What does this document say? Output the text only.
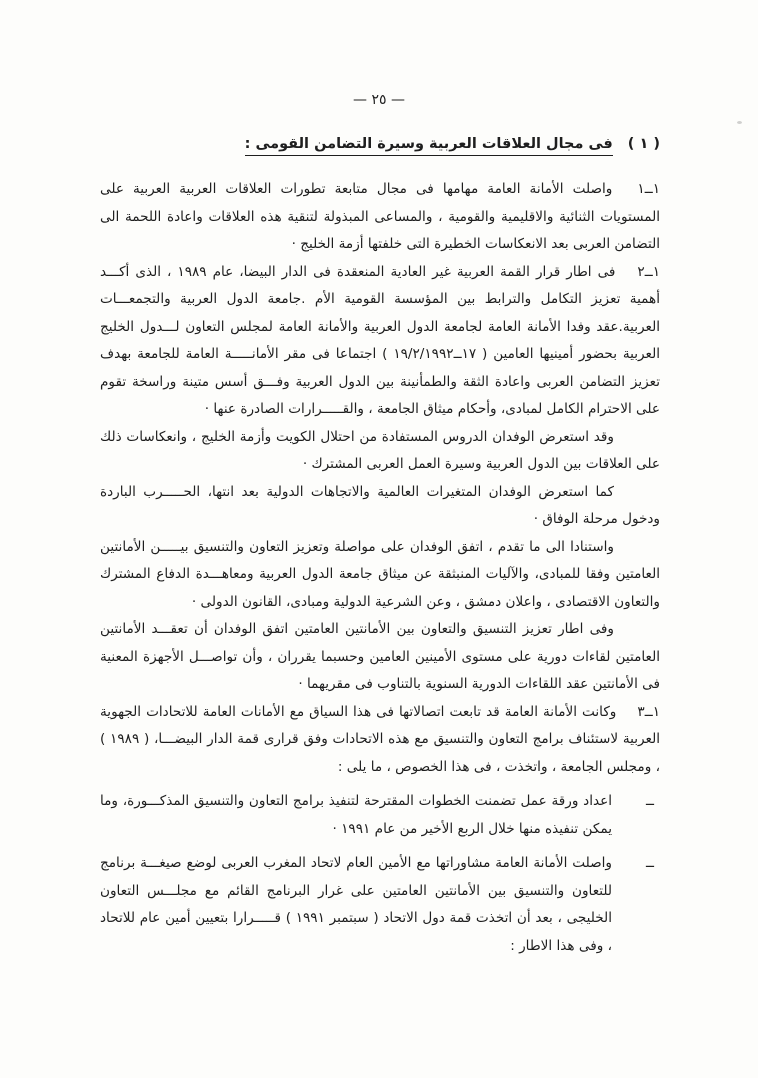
— ٢٥ —
( ١ ) فى مجال العلاقات العربية وسيرة التضامن القومى :

١ــ١ واصلت الأمانة العامة مهامها فى مجال متابعة تطورات العلاقات العربية العربية على المستويات الثنائية والاقليمية والقومية ، والمساعى المبذولة لتنقية هذه العلاقات واعادة اللحمة الى التضامن العربى بعد الانعكاسات الخطيرة التى خلفتها أزمة الخليج ·

١ــ٢ فى اطار قرار القمة العربية غير العادية المنعقدة فى الدار البيضا، عام ١٩٨٩ ، الذى أكـــد أهمية تعزيز التكامل والترابط بين المؤسسة القومية الأم .جامعة الدول العربية والتجمعـــات العربية.عقد وفدا الأمانة العامة لجامعة الدول العربية والأمانة العامة لمجلس التعاون لـــدول الخليج العربية بحضور أمينيها العامين ( ١٧ــ١٩/٢/١٩٩٢ ) اجتماعا فى مقر الأمانـــــة العامة للجامعة بهدف تعزيز التضامن العربى واعادة الثقة والطمأنينة بين الدول العربية وفـــق أسس متينة وراسخة تقوم على الاحترام الكامل لمبادى، وأحكام ميثاق الجامعة ، والقـــــرارات الصادرة عنها ·

وقد استعرض الوفدان الدروس المستفادة من احتلال الكويت وأزمة الخليج ، وانعكاسات ذلك على العلاقات بين الدول العربية وسيرة العمل العربى المشترك ·

كما استعرض الوفدان المتغيرات العالمية والاتجاهات الدولية بعد انتها، الحـــــرب الباردة ودخول مرحلة الوفاق ·

واستنادا الى ما تقدم ، اتفق الوفدان على مواصلة وتعزيز التعاون والتنسيق بيـــــن الأمانتين العامتين وفقا للمبادى، والآليات المنبثقة عن ميثاق جامعة الدول العربية ومعاهـــدة الدفاع المشترك والتعاون الاقتصادى ، واعلان دمشق ، وعن الشرعية الدولية ومبادى، القانون الدولى ·

وفى اطار تعزيز التنسيق والتعاون بين الأمانتين العامتين اتفق الوفدان أن تعقـــد الأمانتين العامتين لقاءات دورية على مستوى الأمينين العامين وحسبما يقرران ، وأن تواصـــل الأجهزة المعنية فى الأمانتين عقد اللقاءات الدورية السنوية بالتناوب فى مقريهما ·

١ــ٣ وكانت الأمانة العامة قد تابعت اتصالاتها فى هذا السياق مع الأمانات العامة للاتحادات الجهوية العربية لاستئناف برامج التعاون والتنسيق مع هذه الاتحادات وفق قرارى قمة الدار البيضـــا، ( ١٩٨٩ ) ، ومجلس الجامعة ، واتخذت ، فى هذا الخصوص ، ما يلى :

ــ

اعداد ورقة عمل تضمنت الخطوات المقترحة لتنفيذ برامج التعاون والتنسيق المذكـــورة، وما يمكن تنفيذه منها خلال الربع الأخير من عام ١٩٩١ ·

ــ

واصلت الأمانة العامة مشاوراتها مع الأمين العام لاتحاد المغرب العربى لوضع صيغـــة برنامج للتعاون والتنسيق بين الأمانتين العامتين على غرار البرنامج القائم مع مجلـــس التعاون الخليجى ، بعد أن اتخذت قمة دول الاتحاد ( سبتمبر ١٩٩١ ) قـــــرارا بتعيين أمين عام للاتحاد ، وفى هذا الاطار :
